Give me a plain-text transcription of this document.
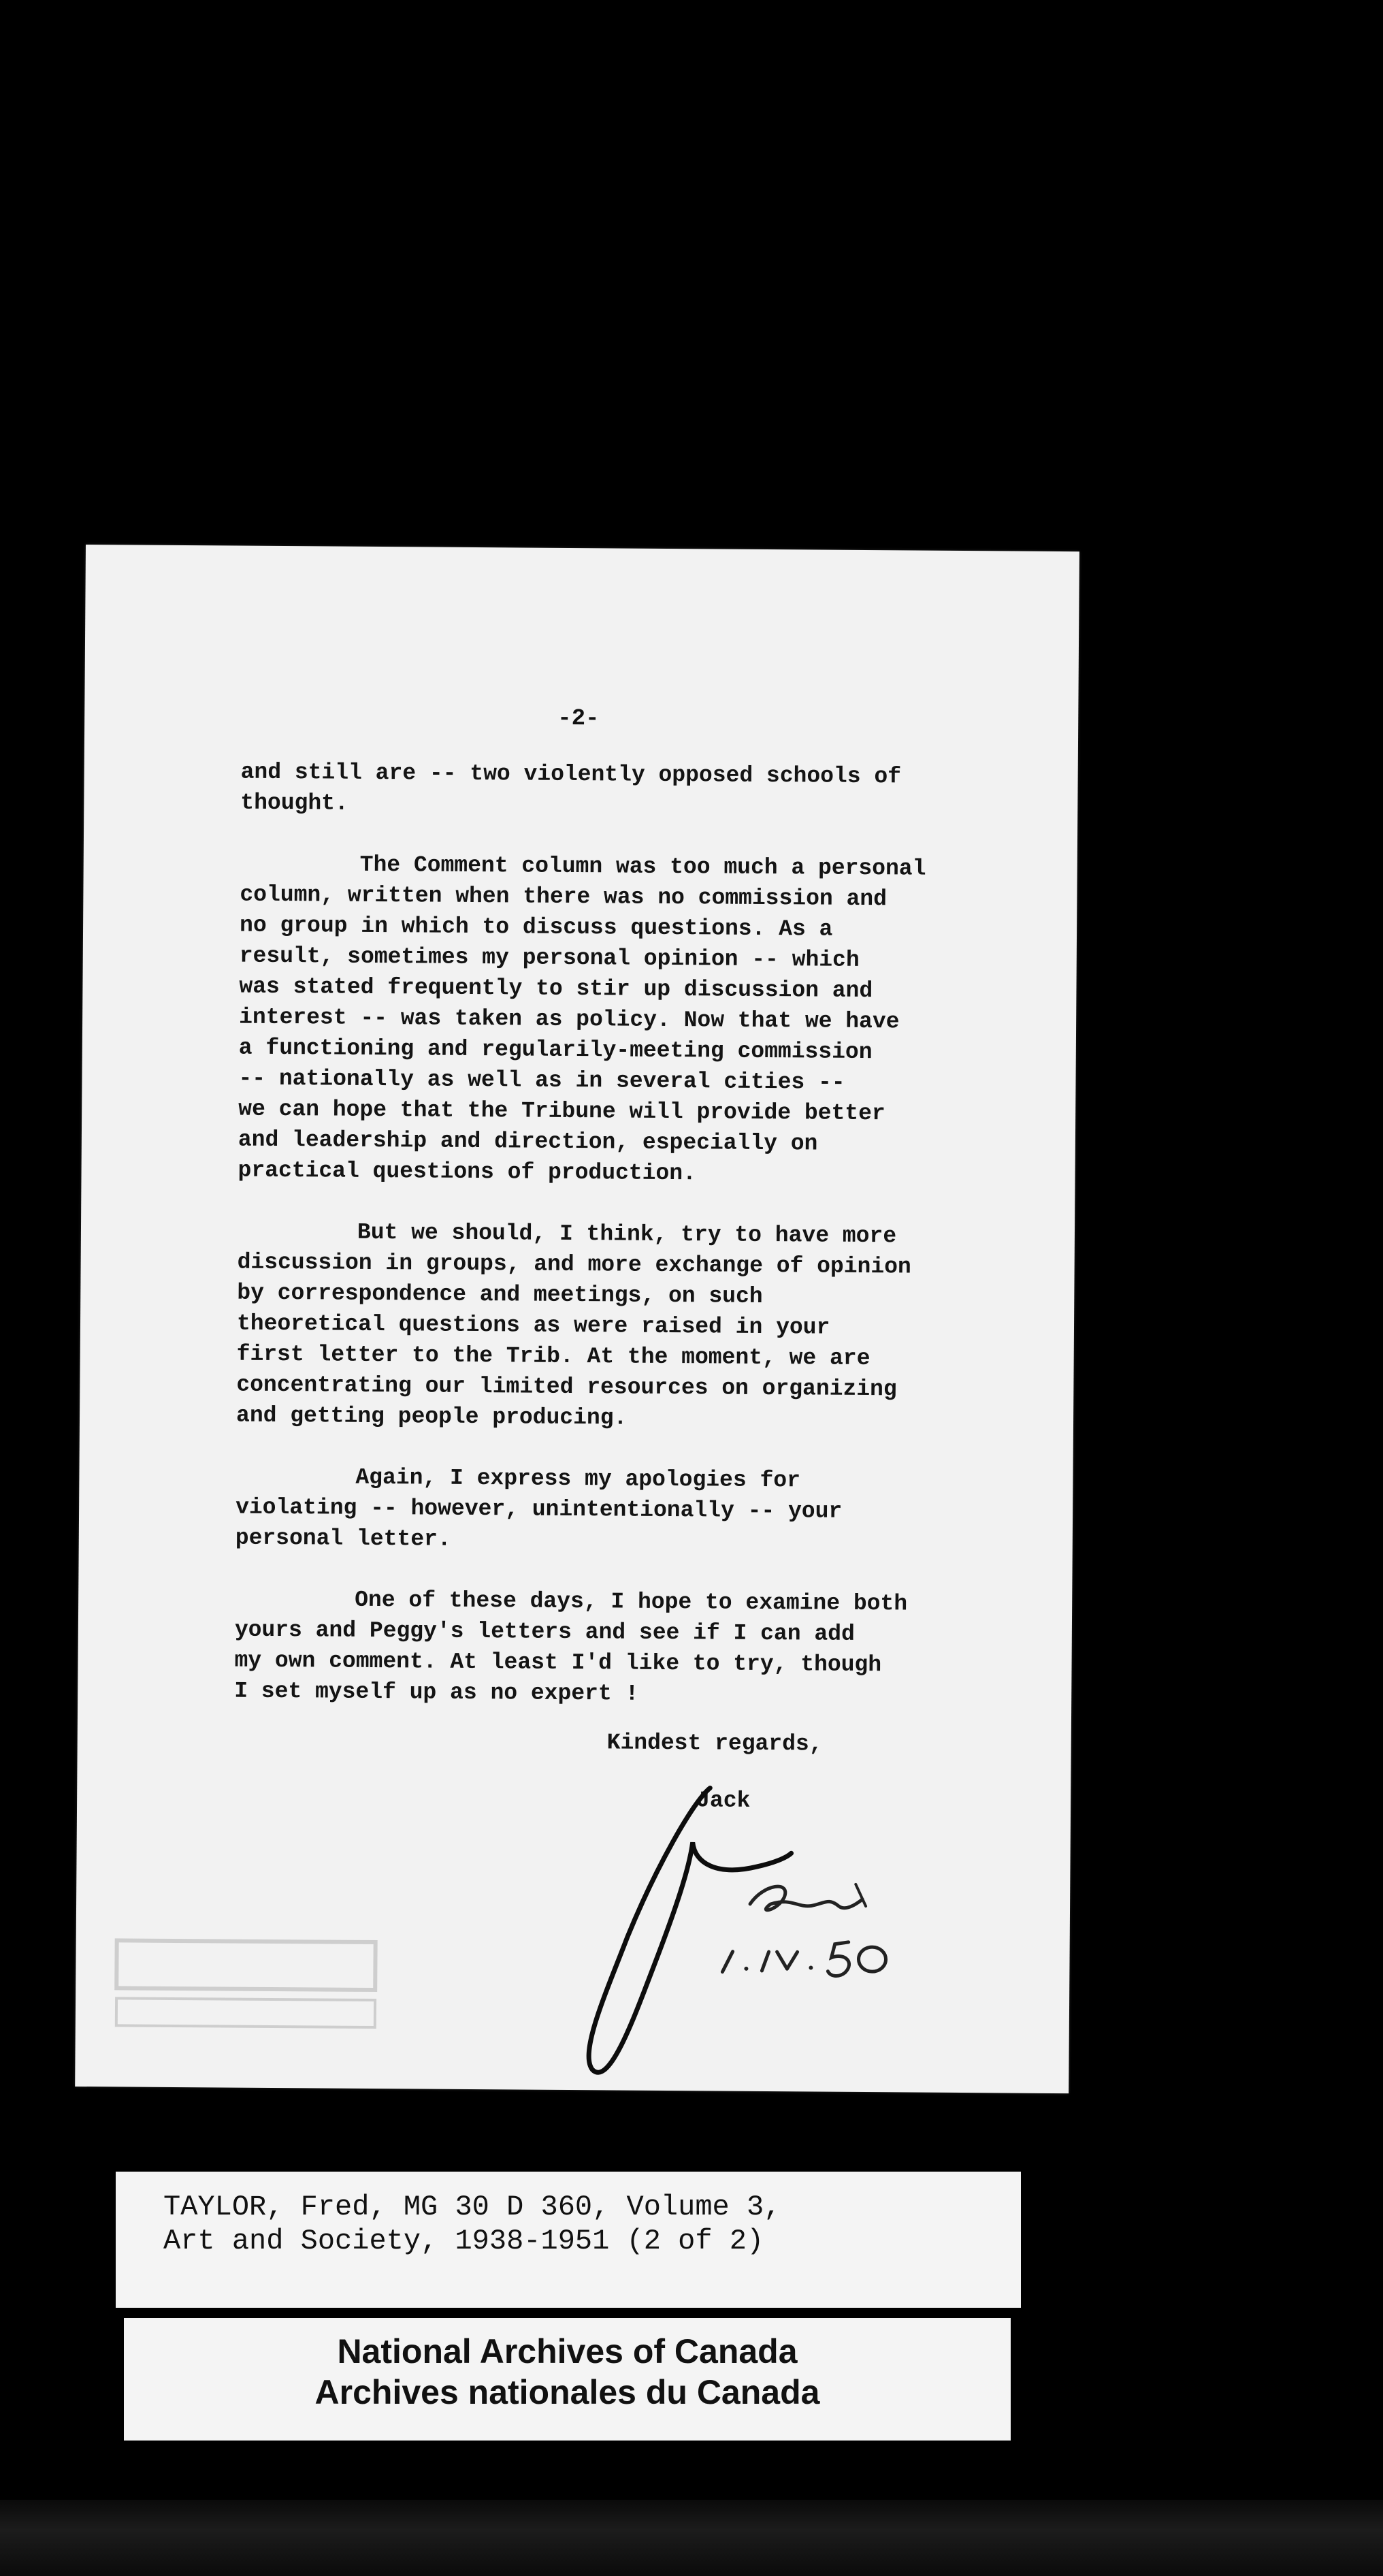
-2-

and still are -- two violently opposed schools of
thought.

The Comment column was too much a personal
column, written when there was no commission and
no group in which to discuss questions. As a
result, sometimes my personal opinion -- which
was stated frequently to stir up discussion and
interest -- was taken as policy. Now that we have
a functioning and regularily-meeting commission
-- nationally as well as in several cities --
we can hope that the Tribune will provide better
and leadership and direction, especially on
practical questions of production.

But we should, I think, try to have more
discussion in groups, and more exchange of opinion
by correspondence and meetings, on such
theoretical questions as were raised in your
first letter to the Trib. At the moment, we are
concentrating our limited resources on organizing
and getting people producing.

Again, I express my apologies for
violating -- however, unintentionally -- your
personal letter.

One of these days, I hope to examine both
yours and Peggy's letters and see if I can add
my own comment. At least I'd like to try, though
I set myself up as no expert !

Kindest regards,
Jack
TAYLOR, Fred, MG 30 D 360, Volume 3,
Art and Society, 1938-1951 (2 of 2)
National Archives of Canada
Archives nationales du Canada
